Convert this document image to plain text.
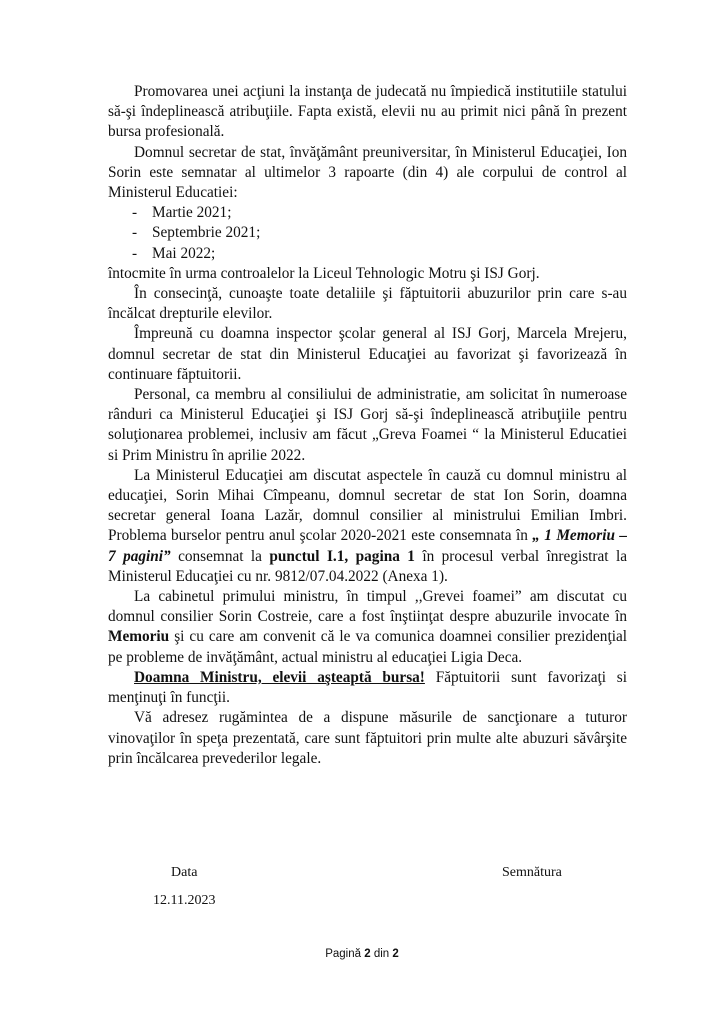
Promovarea unei acţiuni la instanţa de judecată nu împiedică institutiile statului să-şi îndeplinească atribuţiile. Fapta există, elevii nu au primit nici până în prezent bursa profesională.

Domnul secretar de stat, învăţământ preuniversitar, în Ministerul Educaţiei, Ion Sorin este semnatar al ultimelor 3 rapoarte (din 4) ale corpului de control al Ministerul Educatiei:

- Martie 2021;
- Septembrie 2021;
- Mai 2022;

întocmite în urma controalelor la Liceul Tehnologic Motru şi ISJ Gorj.

În consecinţă, cunoaşte toate detaliile şi făptuitorii abuzurilor prin care s-au încălcat drepturile elevilor.

Împreună cu doamna inspector şcolar general al ISJ Gorj, Marcela Mrejeru, domnul secretar de stat din Ministerul Educaţiei au favorizat şi favorizează în continuare făptuitorii.

Personal, ca membru al consiliului de administratie, am solicitat în numeroase rânduri ca Ministerul Educaţiei şi ISJ Gorj să-şi îndeplinească atribuţiile pentru soluţionarea problemei, inclusiv am făcut „Greva Foamei “ la Ministerul Educatiei si Prim Ministru în aprilie 2022.

La Ministerul Educaţiei am discutat aspectele în cauză cu domnul ministru al educaţiei, Sorin Mihai Cîmpeanu, domnul secretar de stat Ion Sorin, doamna secretar general Ioana Lazăr, domnul consilier al ministrului Emilian Imbri. Problema burselor pentru anul şcolar 2020-2021 este consemnata în „ 1 Memoriu – 7 pagini” consemnat la punctul I.1, pagina 1 în procesul verbal înregistrat la Ministerul Educaţiei cu nr. 9812/07.04.2022 (Anexa 1).

La cabinetul primului ministru, în timpul ,,Grevei foamei” am discutat cu domnul consilier Sorin Costreie, care a fost înştiinţat despre abuzurile invocate în Memoriu şi cu care am convenit că le va comunica doamnei consilier prezidenţial pe probleme de invăţământ, actual ministru al educaţiei Ligia Deca.

Doamna Ministru, elevii aşteaptă bursa! Făptuitorii sunt favorizaţi si menţinuţi în funcţii.

Vă adresez rugămintea de a dispune măsurile de sancţionare a tuturor vinovaţilor în speţa prezentată, care sunt făptuitori prin multe alte abuzuri săvârşite prin încălcarea prevederilor legale.

Data
12.11.2023
Semnătura
Pagină 2 din 2
